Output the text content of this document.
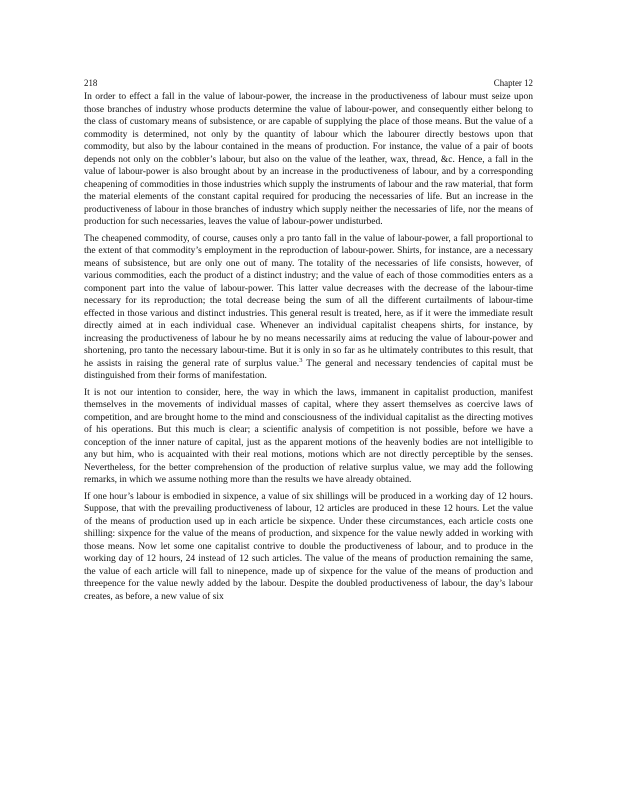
218	Chapter 12

In order to effect a fall in the value of labour-power, the increase in the productiveness of labour must seize upon those branches of industry whose products determine the value of labour-power, and consequently either belong to the class of customary means of subsistence, or are capable of supplying the place of those means. But the value of a commodity is determined, not only by the quantity of labour which the labourer directly bestows upon that commodity, but also by the labour contained in the means of production. For instance, the value of a pair of boots depends not only on the cobbler’s labour, but also on the value of the leather, wax, thread, &c. Hence, a fall in the value of labour-power is also brought about by an increase in the productiveness of labour, and by a corresponding cheapening of commodities in those industries which supply the instruments of labour and the raw material, that form the material elements of the constant capital required for producing the necessaries of life. But an increase in the productiveness of labour in those branches of industry which supply neither the necessaries of life, nor the means of production for such necessaries, leaves the value of labour-power undisturbed.

The cheapened commodity, of course, causes only a pro tanto fall in the value of labour-power, a fall proportional to the extent of that commodity’s employment in the reproduction of labour-power. Shirts, for instance, are a necessary means of subsistence, but are only one out of many. The totality of the necessaries of life consists, however, of various commodities, each the product of a distinct industry; and the value of each of those commodities enters as a component part into the value of labour-power. This latter value decreases with the decrease of the labour-time necessary for its reproduction; the total decrease being the sum of all the different curtailments of labour-time effected in those various and distinct industries. This general result is treated, here, as if it were the immediate result directly aimed at in each individual case. Whenever an individual capitalist cheapens shirts, for instance, by increasing the productiveness of labour he by no means necessarily aims at reducing the value of labour-power and shortening, pro tanto the necessary labour-time. But it is only in so far as he ultimately contributes to this result, that he assists in raising the general rate of surplus value.$^3$ The general and necessary tendencies of capital must be distinguished from their forms of manifestation.

It is not our intention to consider, here, the way in which the laws, immanent in capitalist production, manifest themselves in the movements of individual masses of capital, where they assert themselves as coercive laws of competition, and are brought home to the mind and consciousness of the individual capitalist as the directing motives of his operations. But this much is clear; a scientific analysis of competition is not possible, before we have a conception of the inner nature of capital, just as the apparent motions of the heavenly bodies are not intelligible to any but him, who is acquainted with their real motions, motions which are not directly perceptible by the senses. Nevertheless, for the better comprehension of the production of relative surplus value, we may add the following remarks, in which we assume nothing more than the results we have already obtained.

If one hour’s labour is embodied in sixpence, a value of six shillings will be produced in a working day of 12 hours. Suppose, that with the prevailing productiveness of labour, 12 articles are produced in these 12 hours. Let the value of the means of production used up in each article be sixpence. Under these circumstances, each article costs one shilling: sixpence for the value of the means of production, and sixpence for the value newly added in working with those means. Now let some one capitalist contrive to double the productiveness of labour, and to produce in the working day of 12 hours, 24 instead of 12 such articles. The value of the means of production remaining the same, the value of each article will fall to ninepence, made up of sixpence for the value of the means of production and threepence for the value newly added by the labour. Despite the doubled productiveness of labour, the day’s labour creates, as before, a new value of six
